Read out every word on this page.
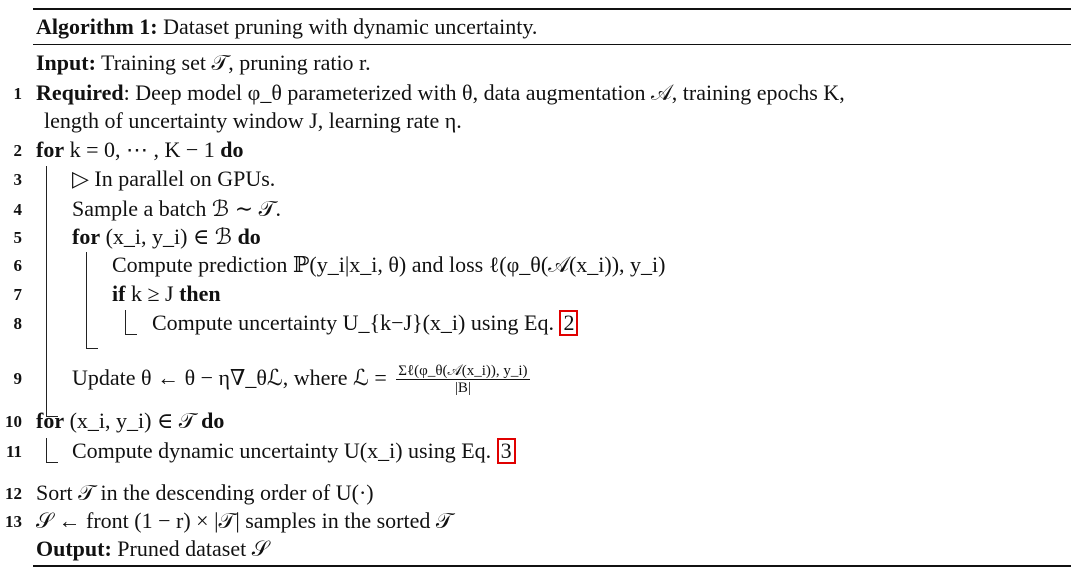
Algorithm 1: Dataset pruning with dynamic uncertainty.
Input: Training set 𝒯, pruning ratio r.
1 Required: Deep model φ_θ parameterized with θ, data augmentation 𝒜, training epochs K,
length of uncertainty window J, learning rate η.
2 for k = 0, ⋯ , K − 1 do
3 ▷ In parallel on GPUs.
4 Sample a batch ℬ ∼ 𝒯.
5 for (x_i, y_i) ∈ ℬ do
6	Compute prediction ℙ(y_i|x_i, θ) and loss ℓ(φ_θ(𝒜(x_i)), y_i)
7	if k ≥ J then
8	Compute uncertainty U_{k−J}(x_i) using Eq. 2
9 Update θ ← θ − η∇_θℒ, where ℒ = $\frac{\text{Σℓ(φ\_θ(𝒜(x\_i)), y\_i)}}{|B|}$
10 for (x_i, y_i) ∈ 𝒯 do
11 Compute dynamic uncertainty U(x_i) using Eq. 3
12 Sort 𝒯 in the descending order of U(·)
13 𝒮 ← front (1 − r) × |𝒯| samples in the sorted 𝒯
Output: Pruned dataset 𝒮
